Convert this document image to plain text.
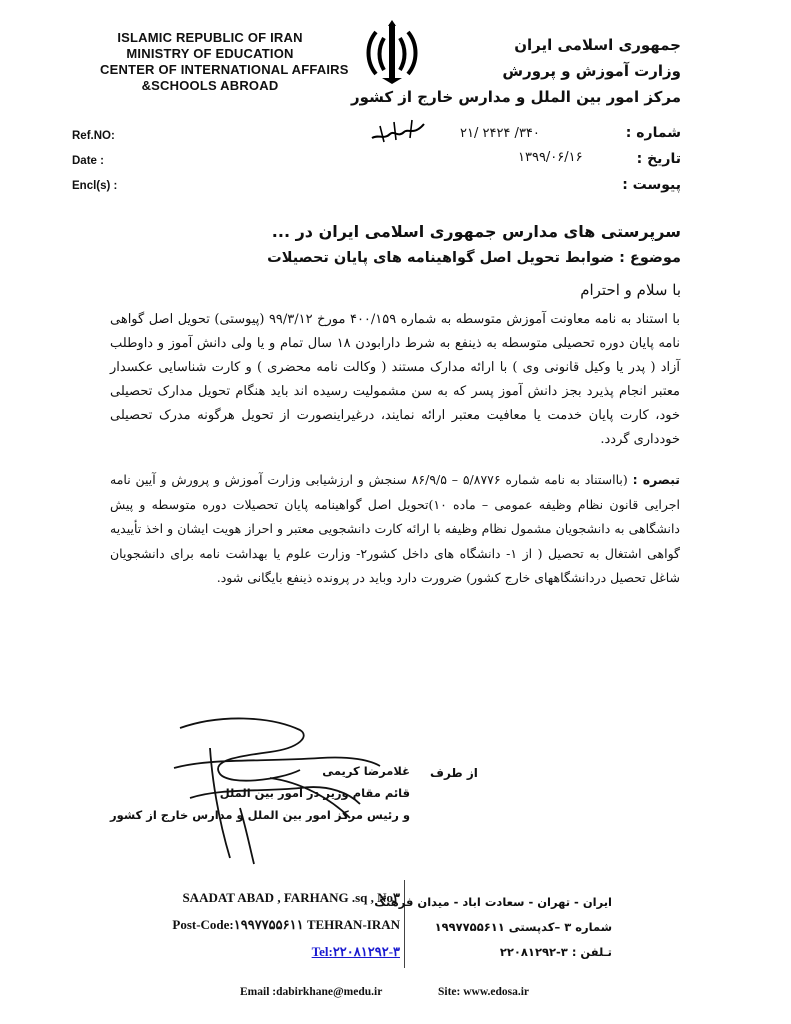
ISLAMIC REPUBLIC OF IRAN
MINISTRY OF EDUCATION
CENTER OF INTERNATIONAL AFFAIRS
&SCHOOLS ABROAD
جمهوری اسلامی ایران
وزارت آموزش و پرورش
مرکز امور بین الملل و مدارس خارج از کشور
Ref.NO:
Date :
Encl(s) :
۳۴۰/ ۲۴۲۴ /۲۱
۱۳۹۹/۰۶/۱۶
شماره :
تاریخ :
پیوست :
سرپرستی های مدارس جمهوری اسلامی ایران در ...
موضوع : ضوابط تحویل اصل گواهینامه های پایان تحصیلات
با سلام و احترام
با استناد به نامه معاونت آموزش متوسطه به شماره ۴۰۰/۱۵۹ مورخ ۹۹/۳/۱۲ (پیوستی) تحویل اصل گواهی نامه پایان دوره تحصیلی متوسطه به ذینفع به شرط دارابودن ۱۸ سال تمام و یا ولی دانش آموز و داوطلب آزاد ( پدر یا وکیل قانونی وی ) با ارائه مدارک مستند ( وکالت نامه محضری ) و کارت شناسایی عکسدار معتبر انجام پذیرد بجز دانش آموز پسر که به سن مشمولیت رسیده اند باید هنگام تحویل مدارک تحصیلی خود، کارت پایان خدمت یا معافیت معتبر ارائه نمایند، درغیراینصورت از تحویل هرگونه مدرک تحصیلی خودداری گردد.
تبصره : (بااستناد به نامه شماره ۵/۸۷۷۶ – ۸۶/۹/۵ سنجش و ارزشیابی وزارت آموزش و پرورش و آیین نامه اجرایی قانون نظام وظیفه عمومی – ماده ۱۰)تحویل اصل گواهینامه پایان تحصیلات دوره متوسطه و پیش دانشگاهی به دانشجویان مشمول نظام وظیفه با ارائه کارت دانشجویی معتبر و احراز هویت ایشان و اخذ تأییدیه گواهی اشتغال به تحصیل ( از ۱- دانشگاه های داخل کشور۲- وزارت علوم یا بهداشت نامه برای دانشجویان شاغل تحصیل دردانشگاههای خارج کشور) ضرورت دارد وباید در پرونده ذینفع بایگانی شود.
از طرف
غلامرضا کریمی
قائم مقام وزیر در امور بین الملل
و رئیس مرکز امور بین الملل و مدارس خارج از کشور
SAADAT ABAD , FARHANG .sq , No۳
Post-Code:۱۹۹۷۷۵۵۶۱۱ TEHRAN-IRAN
Tel:۲۲۰۸۱۲۹۲-۳
ایران - تهران - سعادت اباد - میدان فرهنگ
شماره ۳ –کدپستی ۱۹۹۷۷۵۵۶۱۱
تـلفن : ۳-۲۲۰۸۱۲۹۲
Email :dabirkhane@medu.ir	Site: www.edosa.ir
